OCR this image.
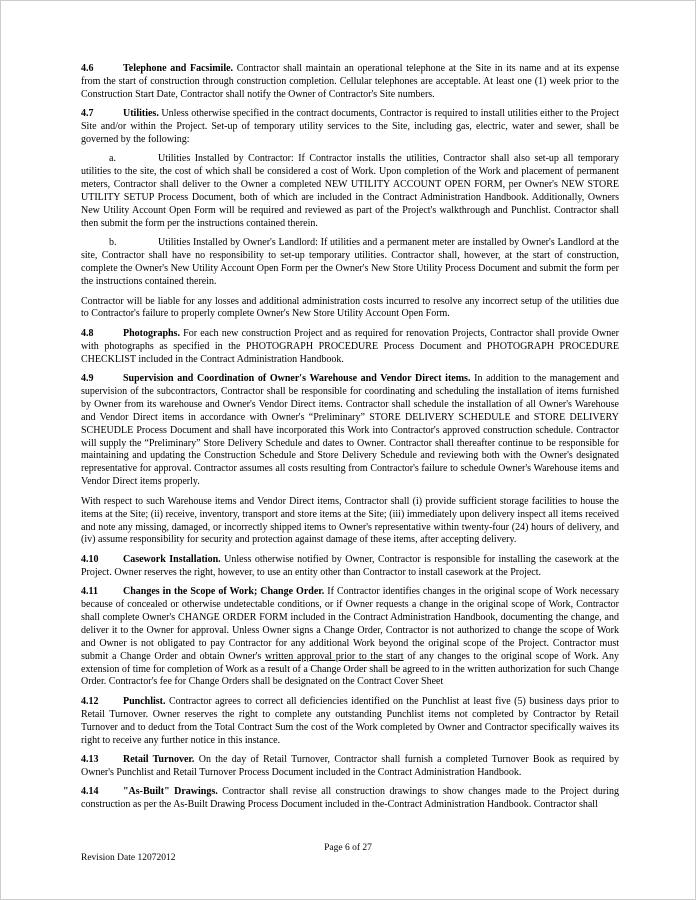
4.6	Telephone and Facsimile. Contractor shall maintain an operational telephone at the Site in its name and at its expense from the start of construction through construction completion. Cellular telephones are acceptable. At least one (1) week prior to the Construction Start Date, Contractor shall notify the Owner of Contractor's Site numbers.

4.7	Utilities. Unless otherwise specified in the contract documents, Contractor is required to install utilities either to the Project Site and/or within the Project. Set-up of temporary utility services to the Site, including gas, electric, water and sewer, shall be governed by the following:

a.	Utilities Installed by Contractor: If Contractor installs the utilities, Contractor shall also set-up all temporary utilities to the site, the cost of which shall be considered a cost of Work. Upon completion of the Work and placement of permanent meters, Contractor shall deliver to the Owner a completed NEW UTILITY ACCOUNT OPEN FORM, per Owner's NEW STORE UTILITY SETUP Process Document, both of which are included in the Contract Administration Handbook. Additionally, Owners New Utility Account Open Form will be required and reviewed as part of the Project's walkthrough and Punchlist. Contractor shall then submit the form per the instructions contained therein.

b.	Utilities Installed by Owner's Landlord: If utilities and a permanent meter are installed by Owner's Landlord at the site, Contractor shall have no responsibility to set-up temporary utilities. Contractor shall, however, at the start of construction, complete the Owner's New Utility Account Open Form per the Owner's New Store Utility Process Document and submit the form per the instructions contained therein.

Contractor will be liable for any losses and additional administration costs incurred to resolve any incorrect setup of the utilities due to Contractor's failure to properly complete Owner's New Store Utility Account Open Form.

4.8	Photographs. For each new construction Project and as required for renovation Projects, Contractor shall provide Owner with photographs as specified in the PHOTOGRAPH PROCEDURE Process Document and PHOTOGRAPH PROCEDURE CHECKLIST included in the Contract Administration Handbook.

4.9	Supervision and Coordination of Owner's Warehouse and Vendor Direct items. In addition to the management and supervision of the subcontractors, Contractor shall be responsible for coordinating and scheduling the installation of items furnished by Owner from its warehouse and Owner's Vendor Direct items. Contractor shall schedule the installation of all Owner's Warehouse and Vendor Direct items in accordance with Owner's “Preliminary” STORE DELIVERY SCHEDULE and STORE DELIVERY SCHEUDLE Process Document and shall have incorporated this Work into Contractor's approved construction schedule. Contractor will supply the “Preliminary” Store Delivery Schedule and dates to Owner. Contractor shall thereafter continue to be responsible for maintaining and updating the Construction Schedule and Store Delivery Schedule and reviewing both with the Owner's designated representative for approval. Contractor assumes all costs resulting from Contractor's failure to schedule Owner's Warehouse items and Vendor Direct items properly.

With respect to such Warehouse items and Vendor Direct items, Contractor shall (i) provide sufficient storage facilities to house the items at the Site; (ii) receive, inventory, transport and store items at the Site; (iii) immediately upon delivery inspect all items received and note any missing, damaged, or incorrectly shipped items to Owner's representative within twenty-four (24) hours of delivery, and (iv) assume responsibility for security and protection against damage of these items, after accepting delivery.

4.10 Casework Installation. Unless otherwise notified by Owner, Contractor is responsible for installing the casework at the Project. Owner reserves the right, however, to use an entity other than Contractor to install casework at the Project.

4.11	Changes in the Scope of Work; Change Order. If Contractor identifies changes in the original scope of Work necessary because of concealed or otherwise undetectable conditions, or if Owner requests a change in the original scope of Work, Contractor shall complete Owner's CHANGE ORDER FORM included in the Contract Administration Handbook, documenting the change, and deliver it to the Owner for approval. Unless Owner signs a Change Order, Contractor is not authorized to change the scope of Work and Owner is not obligated to pay Contractor for any additional Work beyond the original scope of the Project. Contractor must submit a Change Order and obtain Owner's written approval prior to the start of any changes to the original scope of Work. Any extension of time for completion of Work as a result of a Change Order shall be agreed to in the written authorization for such Change Order. Contractor's fee for Change Orders shall be designated on the Contract Cover Sheet

4.12 Punchlist. Contractor agrees to correct all deficiencies identified on the Punchlist at least five (5) business days prior to Retail Turnover. Owner reserves the right to complete any outstanding Punchlist items not completed by Contractor by Retail Turnover and to deduct from the Total Contract Sum the cost of the Work completed by Owner and Contractor specifically waives its right to receive any further notice in this instance.

4.13 Retail Turnover. On the day of Retail Turnover, Contractor shall furnish a completed Turnover Book as required by Owner's Punchlist and Retail Turnover Process Document included in the Contract Administration Handbook.

4.14 "As-Built" Drawings. Contractor shall revise all construction drawings to show changes made to the Project during construction as per the As-Built Drawing Process Document included in the-Contract Administration Handbook. Contractor shall

Page 6 of 27
Revision Date 12072012
